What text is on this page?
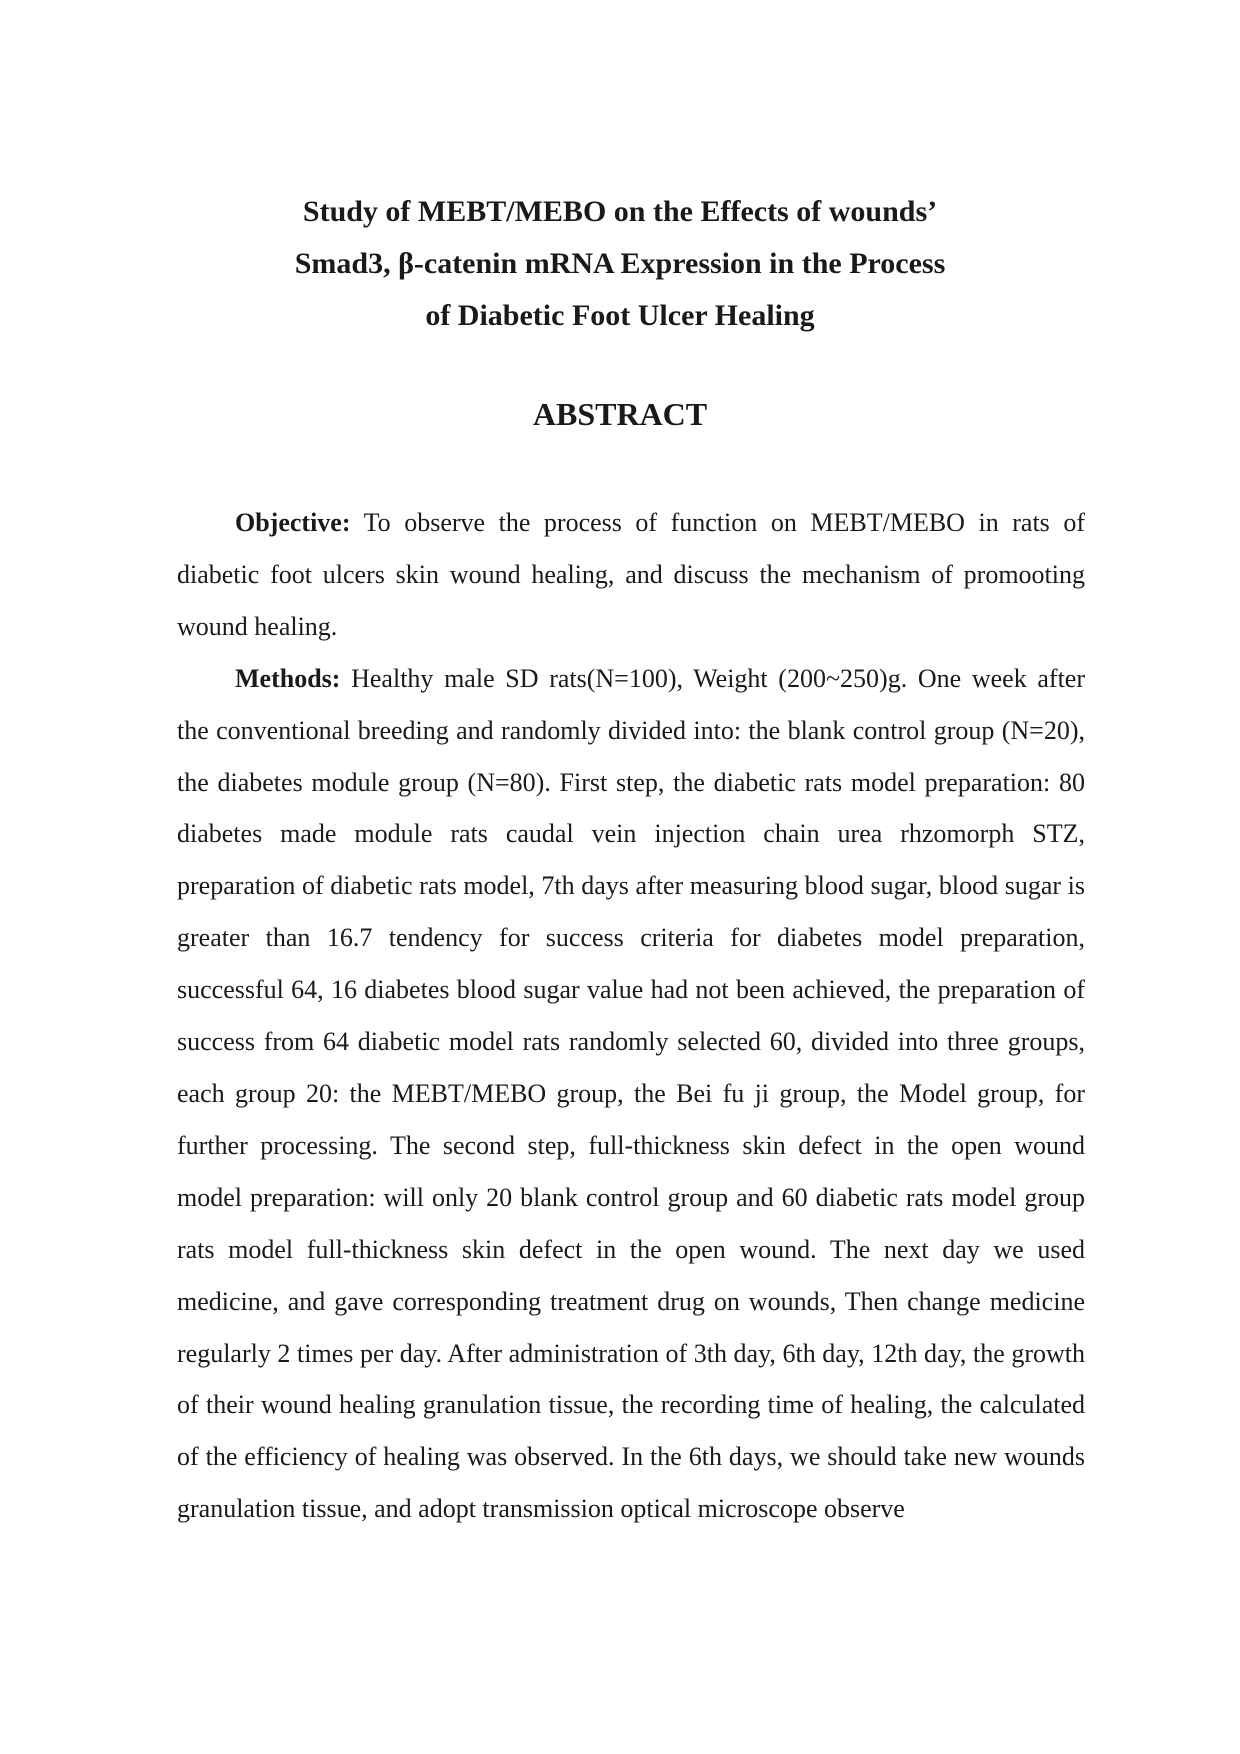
Study of MEBT/MEBO on the Effects of wounds’
Smad3, β-catenin mRNA Expression in the Process
of Diabetic Foot Ulcer Healing
ABSTRACT

Objective: To observe the process of function on MEBT/MEBO in rats of diabetic foot ulcers skin wound healing, and discuss the mechanism of promooting wound healing.

Methods: Healthy male SD rats(N=100), Weight (200~250)g. One week after the conventional breeding and randomly divided into: the blank control group (N=20), the diabetes module group (N=80). First step, the diabetic rats model preparation: 80 diabetes made module rats caudal vein injection chain urea rhzomorph STZ, preparation of diabetic rats model, 7th days after measuring blood sugar, blood sugar is greater than 16.7 tendency for success criteria for diabetes model preparation, successful 64, 16 diabetes blood sugar value had not been achieved, the preparation of success from 64 diabetic model rats randomly selected 60, divided into three groups, each group 20: the MEBT/MEBO group, the Bei fu ji group, the Model group, for further processing. The second step, full-thickness skin defect in the open wound model preparation: will only 20 blank control group and 60 diabetic rats model group rats model full-thickness skin defect in the open wound. The next day we used medicine, and gave corresponding treatment drug on wounds, Then change medicine regularly 2 times per day. After administration of 3th day, 6th day, 12th day, the growth of their wound healing granulation tissue, the recording time of healing, the calculated of the efficiency of healing was observed. In the 6th days, we should take new wounds granulation tissue, and adopt transmission optical microscope observe
